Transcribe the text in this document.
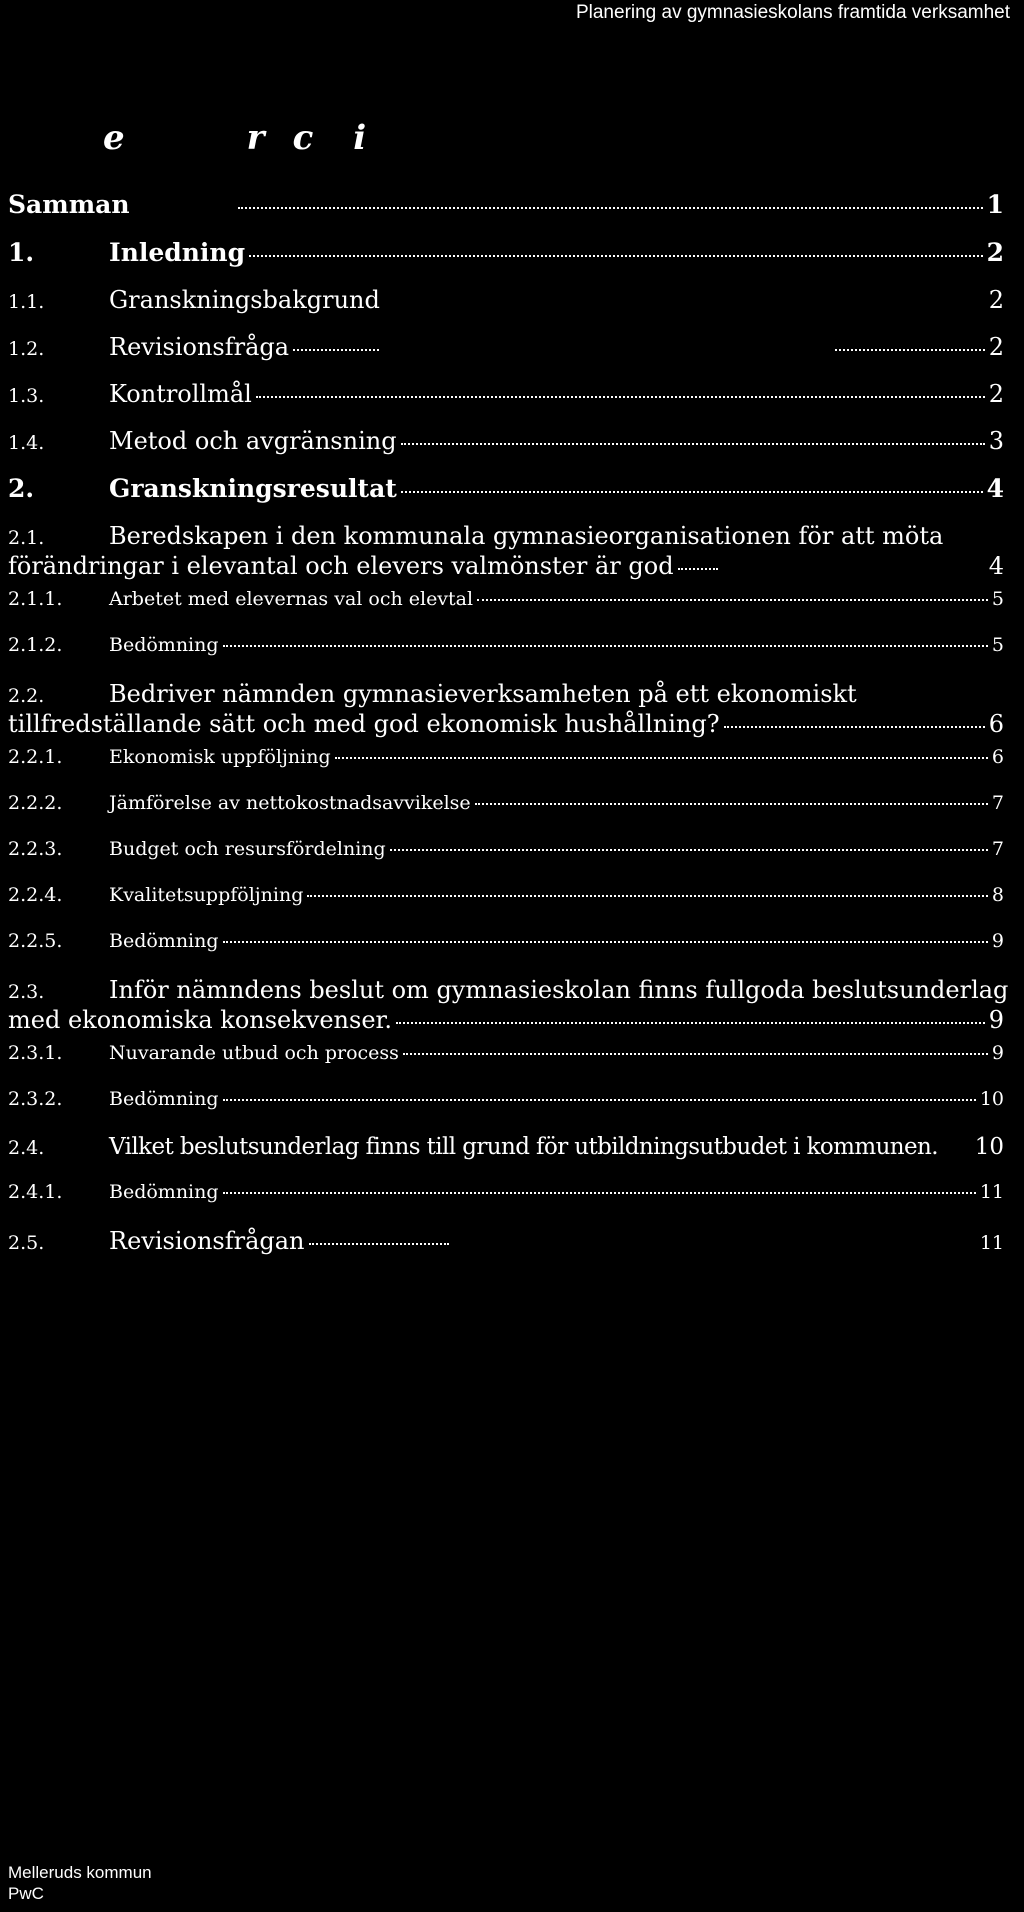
Planering av gymnasieskolans framtida verksamhet
e	r c i
Samman	1
1.	Inledning	2
1.1.	Granskningsbakgrund	2
1.2.	Revisionsfråga	2
1.3.	Kontrollmål	2
1.4.	Metod och avgränsning	3
2.	Granskningsresultat	4
2.1.	Beredskapen i den kommunala gymnasieorganisationen för att möta
förändringar i elevantal och elevers valmönster är god	4
2.1.1.	Arbetet med elevernas val och elevtal	5
2.1.2.	Bedömning	5
2.2.	Bedriver nämnden gymnasieverksamheten på ett ekonomiskt
tillfredställande sätt och med god ekonomisk hushållning?	6
2.2.1.	Ekonomisk uppföljning	6
2.2.2.	Jämförelse av nettokostnadsavvikelse	7
2.2.3.	Budget och resursfördelning	7
2.2.4.	Kvalitetsuppföljning	8
2.2.5.	Bedömning	9
2.3.	Inför nämndens beslut om gymnasieskolan finns fullgoda beslutsunderlag
med ekonomiska konsekvenser.	9
2.3.1.	Nuvarande utbud och process	9
2.3.2.	Bedömning	10
2.4.	Vilket beslutsunderlag finns till grund för utbildningsutbudet i kommunen. 10
2.4.1.	Bedömning	11
2.5.	Revisionsfrågan	11
Melleruds kommun
PwC
